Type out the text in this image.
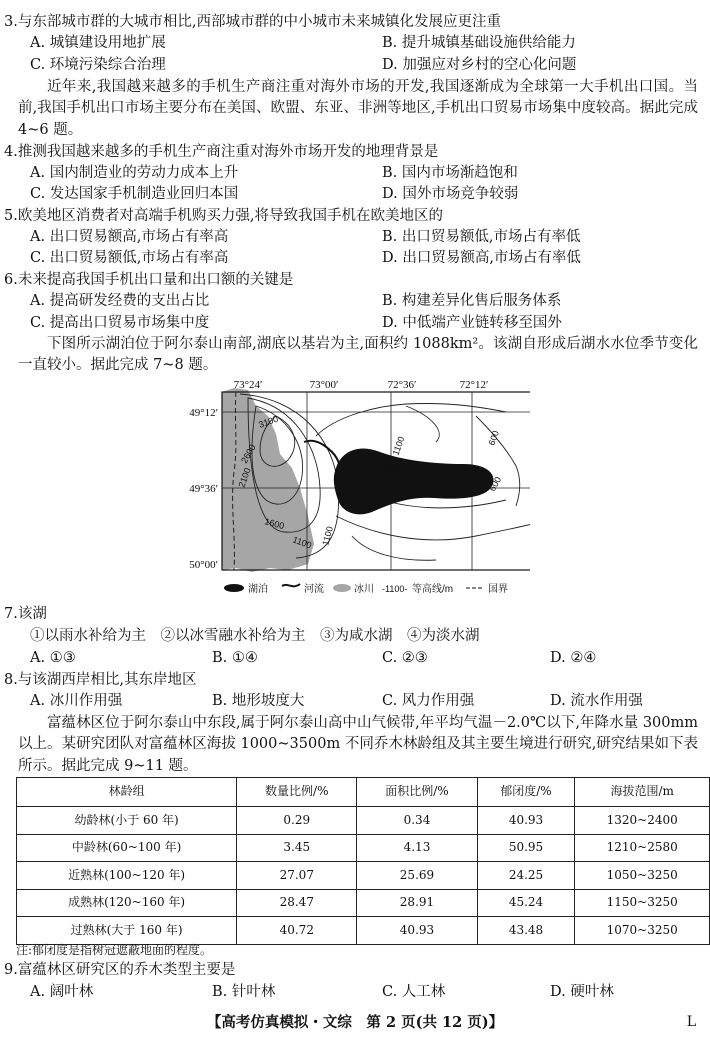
3.与东部城市群的大城市相比,西部城市群的中小城市未来城镇化发展应更注重
A. 城镇建设用地扩展	B. 提升城镇基础设施供给能力
C. 环境污染综合治理	D. 加强应对乡村的空心化问题
近年来,我国越来越多的手机生产商注重对海外市场的开发,我国逐渐成为全球第一大手机出口国。当前,我国手机出口市场主要分布在美国、欧盟、东亚、非洲等地区,手机出口贸易市场集中度较高。据此完成 4~6 题。
4.推测我国越来越多的手机生产商注重对海外市场开发的地理背景是
A. 国内制造业的劳动力成本上升	B. 国内市场渐趋饱和
C. 发达国家手机制造业回归本国	D. 国外市场竞争较弱
5.欧美地区消费者对高端手机购买力强,将导致我国手机在欧美地区的
A. 出口贸易额高,市场占有率高	B. 出口贸易额低,市场占有率低
C. 出口贸易额低,市场占有率高	D. 出口贸易额高,市场占有率低
6.未来提高我国手机出口量和出口额的关键是
A. 提高研发经费的支出占比	B. 构建差异化售后服务体系
C. 提高出口贸易市场集中度	D. 中低端产业链转移至国外
下图所示湖泊位于阿尔泰山南部,湖底以基岩为主,面积约 1088km²。该湖自形成后湖水水位季节变化一直较小。据此完成 7~8 题。
3100
2600
2100
1600
1100 1100
1100
600
600
600
73°24′	73°00′	72°36′	72°12′
49°12′
49°36′
50°00′
湖泊	河流	冰川 -1100- 等高线/m	国界
7.该湖
①以雨水补给为主　②以冰雪融水补给为主　③为咸水湖　④为淡水湖
A. ①③	B. ①④	C. ②③	D. ②④
8.与该湖西岸相比,其东岸地区
A. 冰川作用强	B. 地形坡度大	C. 风力作用强	D. 流水作用强
富蕴林区位于阿尔泰山中东段,属于阿尔泰山高中山气候带,年平均气温－2.0℃以下,年降水量 300mm 以上。某研究团队对富蕴林区海拔 1000~3500m 不同乔木林龄组及其主要生境进行研究,研究结果如下表所示。据此完成 9~11 题。
林龄组	数量比例/%	面积比例/%	郁闭度/%	海拔范围/m
幼龄林(小于 60 年)	0.29	0.34	40.93	1320~2400
中龄林(60~100 年)	3.45	4.13	50.95	1210~2580
近熟林(100~120 年)	27.07	25.69	24.25	1050~3250
成熟林(120~160 年)	28.47	28.91	45.24	1150~3250
过熟林(大于 160 年)	40.72	40.93	43.48	1070~3250
注:郁闭度是指树冠遮蔽地面的程度。
9.富蕴林区研究区的乔木类型主要是
A. 阔叶林	B. 针叶林	C. 人工林	D. 硬叶林
【高考仿真模拟・文综　第 2 页(共 12 页)】	L
